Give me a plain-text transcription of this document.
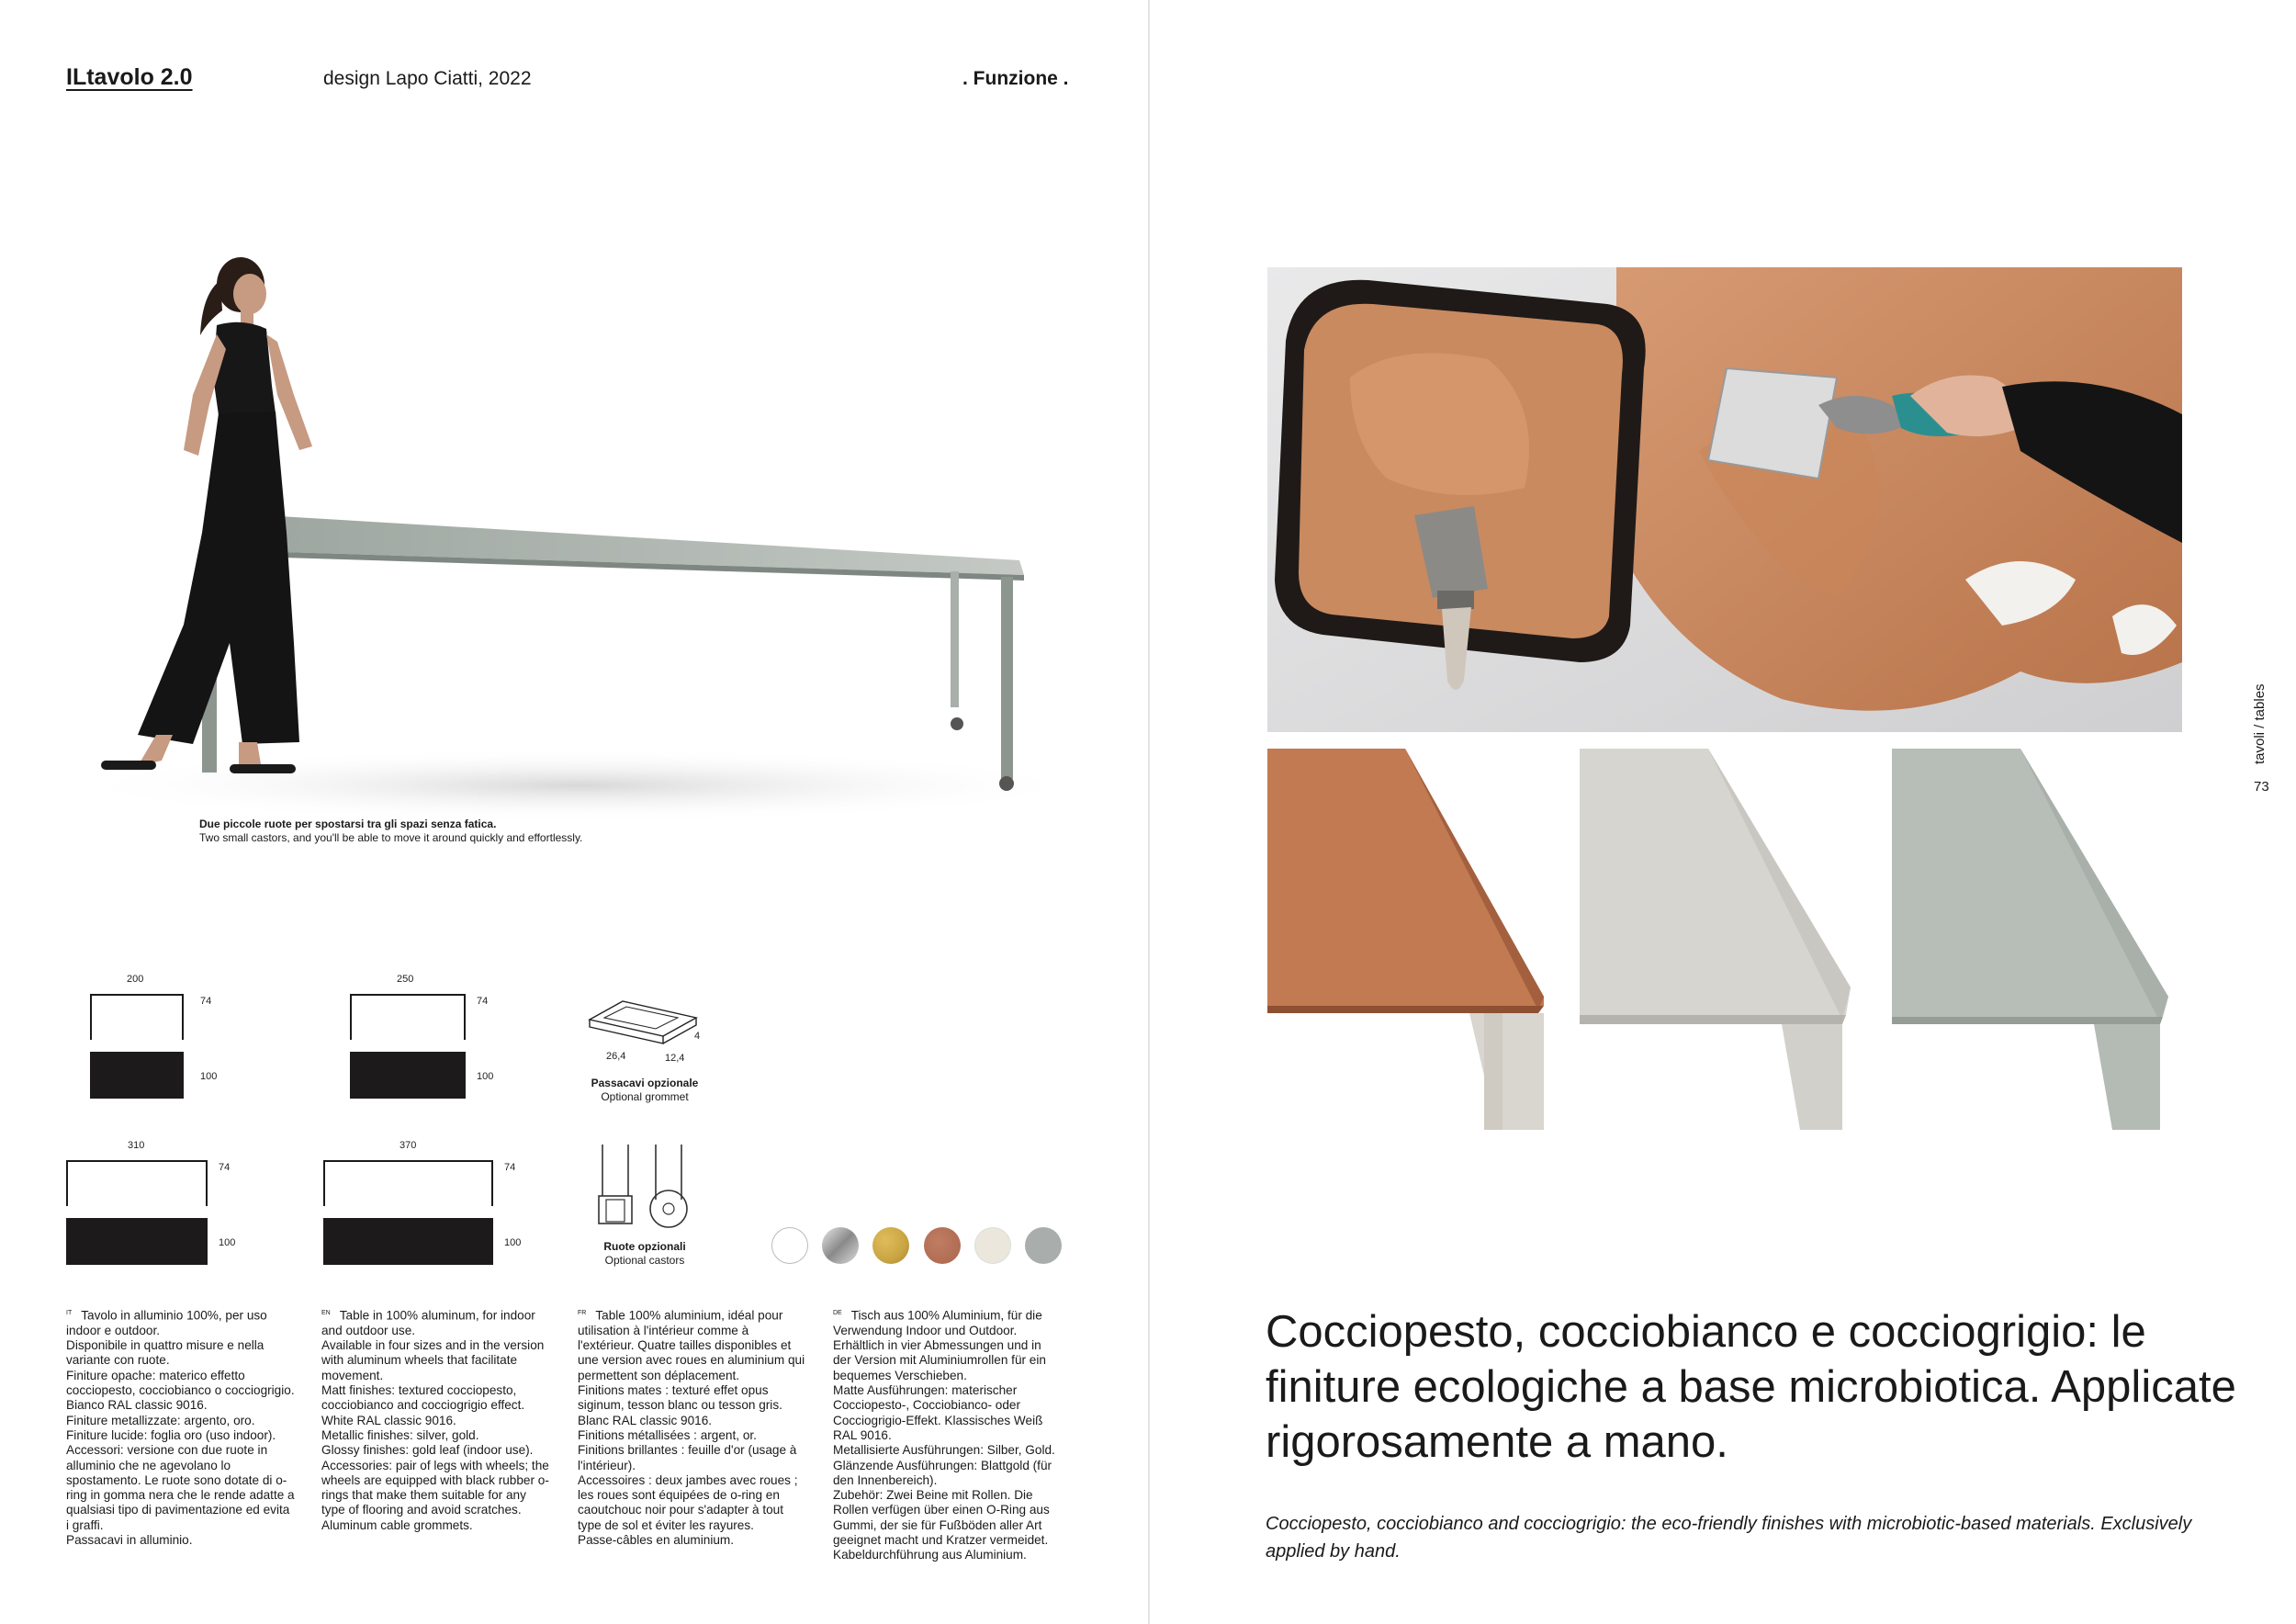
ILtavolo 2.0	design Lapo Ciatti, 2022	. Funzione .
Due piccole ruote per spostarsi tra gli spazi senza fatica.
Two small castors, and you'll be able to move it around quickly and effortlessly.
200
74
100
250
74
100
310
74
100
370
74
100
26,4	12,4
4
Passacavi opzionale
Optional grommet
Ruote opzionali
Optional castors
$^{IT}$ Tavolo in alluminio 100%, per uso indoor e outdoor.
Disponibile in quattro misure e nella variante con ruote.
Finiture opache: materico effetto cocciopesto, cocciobianco o cocciogrigio. Bianco RAL classic 9016.
Finiture metallizzate: argento, oro.
Finiture lucide: foglia oro (uso indoor).
Accessori: versione con due ruote in alluminio che ne agevolano lo spostamento. Le ruote sono dotate di o-ring in gomma nera che le rende adatte a qualsiasi tipo di pavimentazione ed evita i graffi.
Passacavi in alluminio.
$^{EN}$ Table in 100% aluminum, for indoor and outdoor use.
Available in four sizes and in the version with aluminum wheels that facilitate movement.
Matt finishes: textured cocciopesto, cocciobianco and cocciogrigio effect. White RAL classic 9016.
Metallic finishes: silver, gold.
Glossy finishes: gold leaf (indoor use).
Accessories: pair of legs with wheels; the wheels are equipped with black rubber o-rings that make them suitable for any type of flooring and avoid scratches. Aluminum cable grommets.
$^{FR}$ Table 100% aluminium, idéal pour utilisation à l'intérieur comme à l'extérieur. Quatre tailles disponibles et une version avec roues en aluminium qui permettent son déplacement.
Finitions mates : texturé effet opus siginum, tesson blanc ou tesson gris. Blanc RAL classic 9016.
Finitions métallisées : argent, or.
Finitions brillantes : feuille d'or (usage à l'intérieur).
Accessoires : deux jambes avec roues ; les roues sont équipées de o-ring en caoutchouc noir pour s'adapter à tout type de sol et éviter les rayures.
Passe-câbles en aluminium.
$^{DE}$ Tisch aus 100% Aluminium, für die Verwendung Indoor und Outdoor. Erhältlich in vier Abmessungen und in der Version mit Aluminiumrollen für ein bequemes Verschieben.
Matte Ausführungen: materischer Cocciopesto-, Cocciobianco- oder Cocciogrigio-Effekt. Klassisches Weiß RAL 9016.
Metallisierte Ausführungen: Silber, Gold.
Glänzende Ausführungen: Blattgold (für den Innenbereich).
Zubehör: Zwei Beine mit Rollen. Die Rollen verfügen über einen O-Ring aus Gummi, der sie für Fußböden aller Art geeignet macht und Kratzer vermeidet.
Kabeldurchführung aus Aluminium.
tavoli / tables
73
Cocciopesto, cocciobianco e cocciogrigio: le finiture ecologiche a base microbiotica. Applicate rigorosamente a mano.
Cocciopesto, cocciobianco and cocciogrigio: the eco-friendly finishes with microbiotic-based materials. Exclusively applied by hand.
